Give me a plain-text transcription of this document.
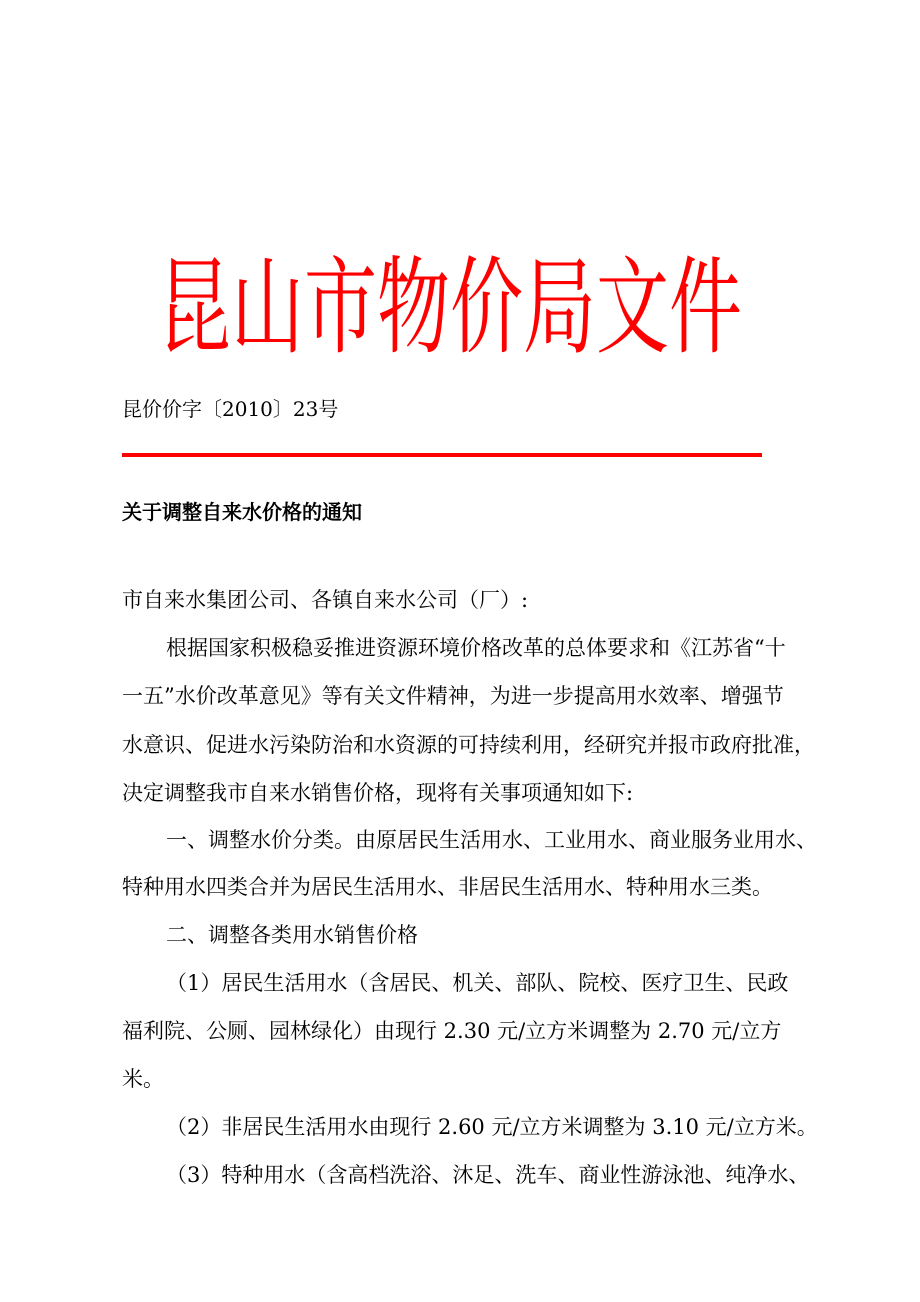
昆山市物价局文件
昆价价字〔2010〕23号
关于调整自来水价格的通知
市自来水集团公司、各镇自来水公司（厂）:
根据国家积极稳妥推进资源环境价格改革的总体要求和《江苏省“十
一五”水价改革意见》等有关文件精神，为进一步提高用水效率、增强节
水意识、促进水污染防治和水资源的可持续利用，经研究并报市政府批准，
决定调整我市自来水销售价格，现将有关事项通知如下:
一、调整水价分类。由原居民生活用水、工业用水、商业服务业用水、
特种用水四类合并为居民生活用水、非居民生活用水、特种用水三类。
二、调整各类用水销售价格
（1）居民生活用水（含居民、机关、部队、院校、医疗卫生、民政
福利院、公厕、园林绿化）由现行 2.30 元/立方米调整为 2.70 元/立方
米。
（2）非居民生活用水由现行 2.60 元/立方米调整为 3.10 元/立方米。
（3）特种用水（含高档洗浴、沐足、洗车、商业性游泳池、纯净水、
